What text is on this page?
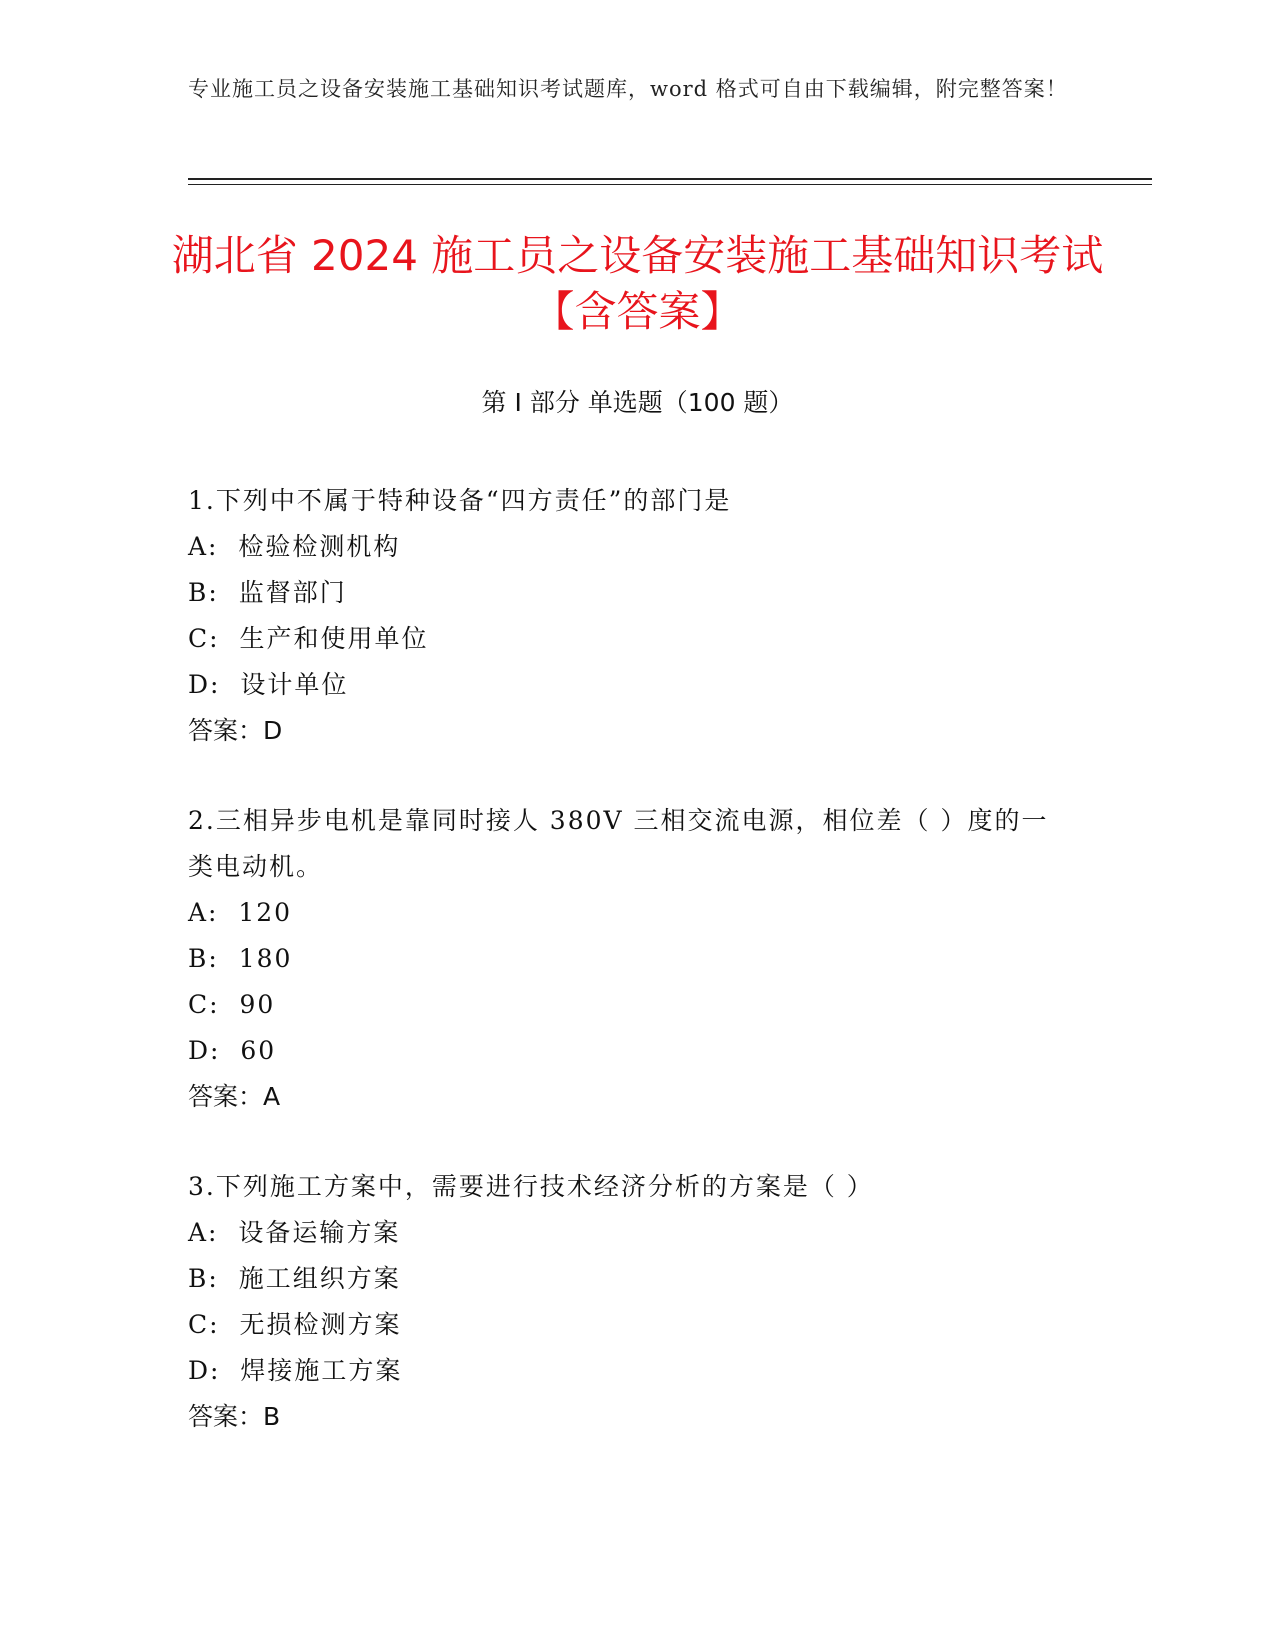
专业施工员之设备安装施工基础知识考试题库，word 格式可自由下载编辑，附完整答案！
湖北省 2024 施工员之设备安装施工基础知识考试【含答案】
第 I 部分 单选题（100 题）
1.下列中不属于特种设备“四方责任”的部门是
A:  检验检测机构
B:  监督部门
C:  生产和使用单位
D:  设计单位
答案：D
2.三相异步电机是靠同时接人 380V 三相交流电源，相位差（ ）度的一类电动机。
A:  120
B:  180
C:  90
D:  60
答案：A
3.下列施工方案中，需要进行技术经济分析的方案是（ ）
A:  设备运输方案
B:  施工组织方案
C:  无损检测方案
D:  焊接施工方案
答案：B
